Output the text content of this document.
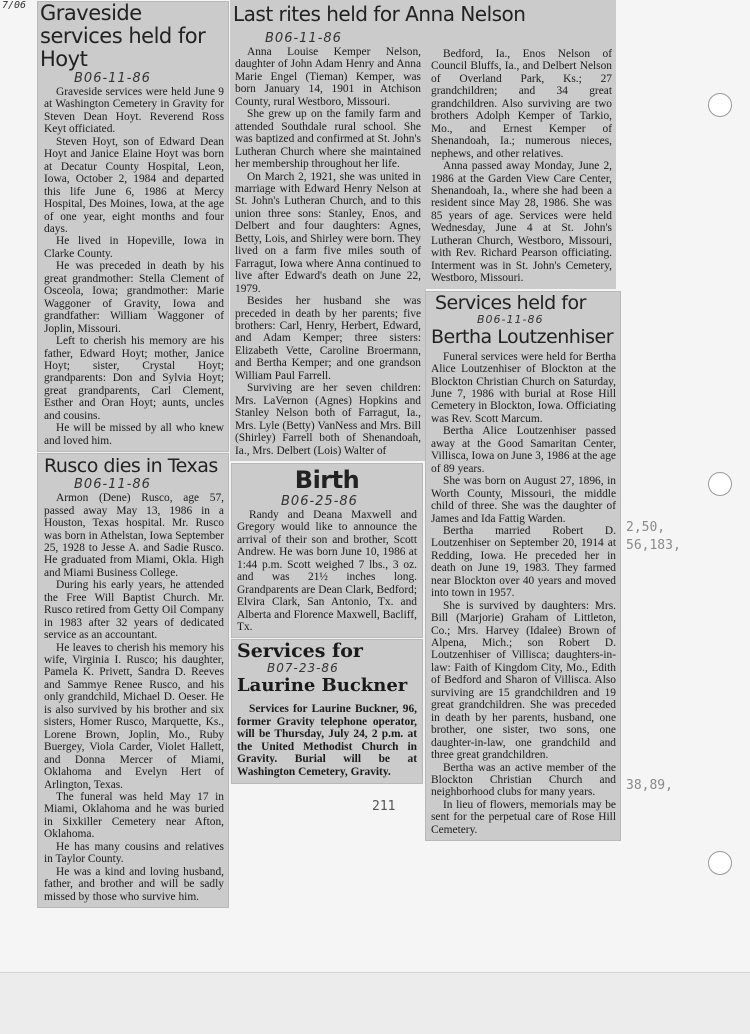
7/06 Graveside services held for Hoyt
B06-11-86

Graveside services were held June 9 at Washington Cemetery in Gravity for Steven Dean Hoyt. Reverend Ross Keyt officiated.

Steven Hoyt, son of Edward Dean Hoyt and Janice Elaine Hoyt was born at Decatur County Hospital, Leon, Iowa, October 2, 1984 and departed this life June 6, 1986 at Mercy Hospital, Des Moines, Iowa, at the age of one year, eight months and four days.

He lived in Hopeville, Iowa in Clarke County.

He was preceded in death by his great grandmother: Stella Clement of Osceola, Iowa; grandmother: Marie Waggoner of Gravity, Iowa and grandfather: William Waggoner of Joplin, Missouri.

Left to cherish his memory are his father, Edward Hoyt; mother, Janice Hoyt; sister, Crystal Hoyt; grandparents: Don and Sylvia Hoyt; great grandparents, Carl Clement, Esther and Oran Hoyt; aunts, uncles and cousins.

He will be missed by all who knew and loved him.

Rusco dies in Texas
B06-11-86

Armon (Dene) Rusco, age 57, passed away May 13, 1986 in a Houston, Texas hospital. Mr. Rusco was born in Athelstan, Iowa September 25, 1928 to Jesse A. and Sadie Rusco. He graduated from Miami, Okla. High and Miami Business College.

During his early years, he attended the Free Will Baptist Church. Mr. Rusco retired from Getty Oil Company in 1983 after 32 years of dedicated service as an accountant.

He leaves to cherish his memory his wife, Virginia I. Rusco; his daughter, Pamela K. Privett, Sandra D. Reeves and Sammye Renee Rusco, and his only grandchild, Michael D. Oeser. He is also survived by his brother and six sisters, Homer Rusco, Marquette, Ks., Lorene Brown, Joplin, Mo., Ruby Buergey, Viola Carder, Violet Hallett, and Donna Mercer of Miami, Oklahoma and Evelyn Hert of Arlington, Texas.

The funeral was held May 17 in Miami, Oklahoma and he was buried in Sixkiller Cemetery near Afton, Oklahoma.

He has many cousins and relatives in Taylor County.

He was a kind and loving husband, father, and brother and will be sadly missed by those who survive him.

Last rites held for Anna Nelson
B06-11-86

Anna Louise Kemper Nelson, daughter of John Adam Henry and Anna Marie Engel (Tieman) Kemper, was born January 14, 1901 in Atchison County, rural Westboro, Missouri.

She grew up on the family farm and attended Southdale rural school. She was baptized and confirmed at St. John's Lutheran Church where she maintained her membership throughout her life.

On March 2, 1921, she was united in marriage with Edward Henry Nelson at St. John's Lutheran Church, and to this union three sons: Stanley, Enos, and Delbert and four daughters: Agnes, Betty, Lois, and Shirley were born. They lived on a farm five miles south of Farragut, Iowa where Anna continued to live after Edward's death on June 22, 1979.

Besides her husband she was preceded in death by her parents; five brothers: Carl, Henry, Herbert, Edward, and Adam Kemper; three sisters: Elizabeth Vette, Caroline Broermann, and Bertha Kemper; and one grandson William Paul Farrell.

Surviving are her seven children: Mrs. LaVernon (Agnes) Hopkins and Stanley Nelson both of Farragut, Ia., Mrs. Lyle (Betty) VanNess and Mrs. Bill (Shirley) Farrell both of Shenandoah, Ia., Mrs. Delbert (Lois) Walter of

Birth
B06-25-86

Randy and Deana Maxwell and Gregory would like to announce the arrival of their son and brother, Scott Andrew. He was born June 10, 1986 at 1:44 p.m. Scott weighed 7 lbs., 3 oz. and was 21½ inches long. Grandparents are Dean Clark, Bedford; Elvira Clark, San Antonio, Tx. and Alberta and Florence Maxwell, Bacliff, Tx.

Services for
B07-23-86
Laurine Buckner

Services for Laurine Buckner, 96, former Gravity telephone operator, will be Thursday, July 24, 2 p.m. at the United Methodist Church in Gravity. Burial will be at Washington Cemetery, Gravity.

211

Bedford, Ia., Enos Nelson of Council Bluffs, Ia., and Delbert Nelson of Overland Park, Ks.; 27 grandchildren; and 34 great grandchildren. Also surviving are two brothers Adolph Kemper of Tarkio, Mo., and Ernest Kemper of Shenandoah, Ia.; numerous nieces, nephews, and other relatives.

Anna passed away Monday, June 2, 1986 at the Garden View Care Center, Shenandoah, Ia., where she had been a resident since May 28, 1986. She was 85 years of age. Services were held Wednesday, June 4 at St. John's Lutheran Church, Westboro, Missouri, with Rev. Richard Pearson officiating. Interment was in St. John's Cemetery, Westboro, Missouri.

Services held for
B06-11-86
Bertha Loutzenhiser

Funeral services were held for Bertha Alice Loutzenhiser of Blockton at the Blockton Christian Church on Saturday, June 7, 1986 with burial at Rose Hill Cemetery in Blockton, Iowa. Officiating was Rev. Scott Marcum.

Bertha Alice Loutzenhiser passed away at the Good Samaritan Center, Villisca, Iowa on June 3, 1986 at the age of 89 years.

She was born on August 27, 1896, in Worth County, Missouri, the middle child of three. She was the daughter of James and Ida Fattig Warden.

Bertha married Robert D. Loutzenhiser on September 20, 1914 at Redding, Iowa. He preceded her in death on June 19, 1983. They farmed near Blockton over 40 years and moved into town in 1957.

She is survived by daughters: Mrs. Bill (Marjorie) Graham of Littleton, Co.; Mrs. Harvey (Idalee) Brown of Alpena, Mich.; son Robert D. Loutzenhiser of Villisca; daughters-in-law: Faith of Kingdom City, Mo., Edith of Bedford and Sharon of Villisca. Also surviving are 15 grandchildren and 19 great grandchildren. She was preceded in death by her parents, husband, one brother, one sister, two sons, one daughter-in-law, one grandchild and three great grandchildren.

Bertha was an active member of the Blockton Christian Church and neighborhood clubs for many years.

In lieu of flowers, memorials may be sent for the perpetual care of Rose Hill Cemetery.

2,50,
56,183,
38,89,
